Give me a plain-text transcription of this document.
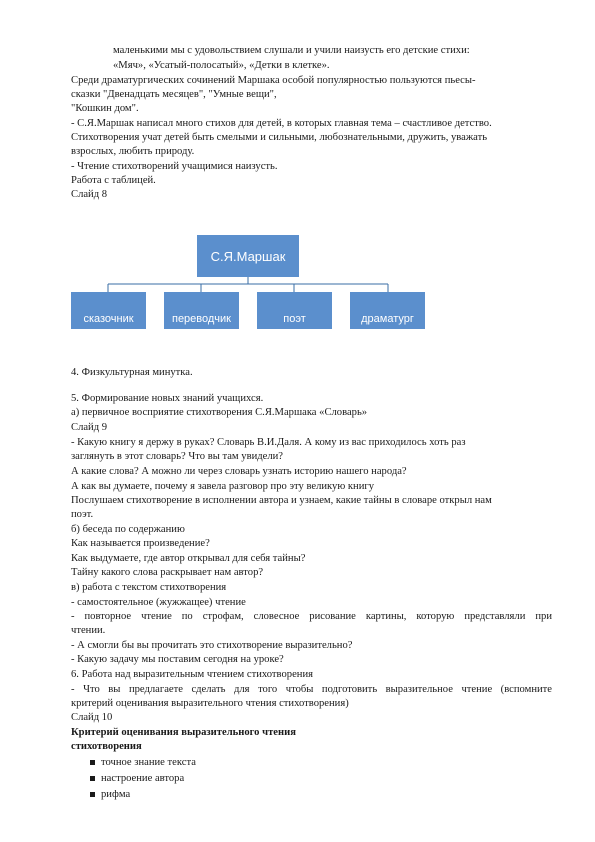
маленькими мы с удовольствием слушали и учили наизусть его детские стихи:
«Мяч», «Усатый-полосатый», «Детки в клетке».
Среди драматургических сочинений Маршака особой популярностью пользуются пьесы-
сказки "Двенадцать месяцев", "Умные вещи",
"Кошкин дом".
- С.Я.Маршак написал много стихов для детей, в которых главная тема – счастливое детство.
Стихотворения учат детей быть смелыми и сильными, любознательными, дружить, уважать
взрослых, любить природу.
- Чтение стихотворений учащимися наизусть.
Работа с таблицей.
Слайд 8
С.Я.Маршак
сказочник	переводчик	поэт	драматург
4. Физкультурная минутка.
5. Формирование новых знаний учащихся.
а) первичное восприятие стихотворения С.Я.Маршака «Словарь»
Слайд 9
- Какую книгу я держу в руках? Словарь В.И.Даля. А кому из вас приходилось хоть раз
заглянуть в этот словарь? Что вы там увидели?
А какие слова? А можно ли через словарь узнать историю нашего народа?
А как вы думаете, почему я завела разговор про эту великую книгу
Послушаем стихотворение в исполнении автора и узнаем, какие тайны в словаре открыл нам
поэт.
б) беседа по содержанию
Как называется произведение?
Как выдумаете, где автор открывал для себя тайны?
Тайну какого слова раскрывает нам автор?
в) работа с текстом стихотворения
- самостоятельное (жужжащее) чтение
- повторное чтение по строфам, словесное рисование картины, которую представляли при
чтении.
- А смогли бы вы прочитать это стихотворение выразительно?
- Какую задачу мы поставим сегодня на уроке?
6. Работа над выразительным чтением стихотворения
- Что вы предлагаете сделать для того чтобы подготовить выразительное чтение (вспомните
критерий оценивания выразительного чтения стихотворения)
Слайд 10
Критерий оценивания выразительного чтения
стихотворения
точное знание текста
настроение автора
рифма
